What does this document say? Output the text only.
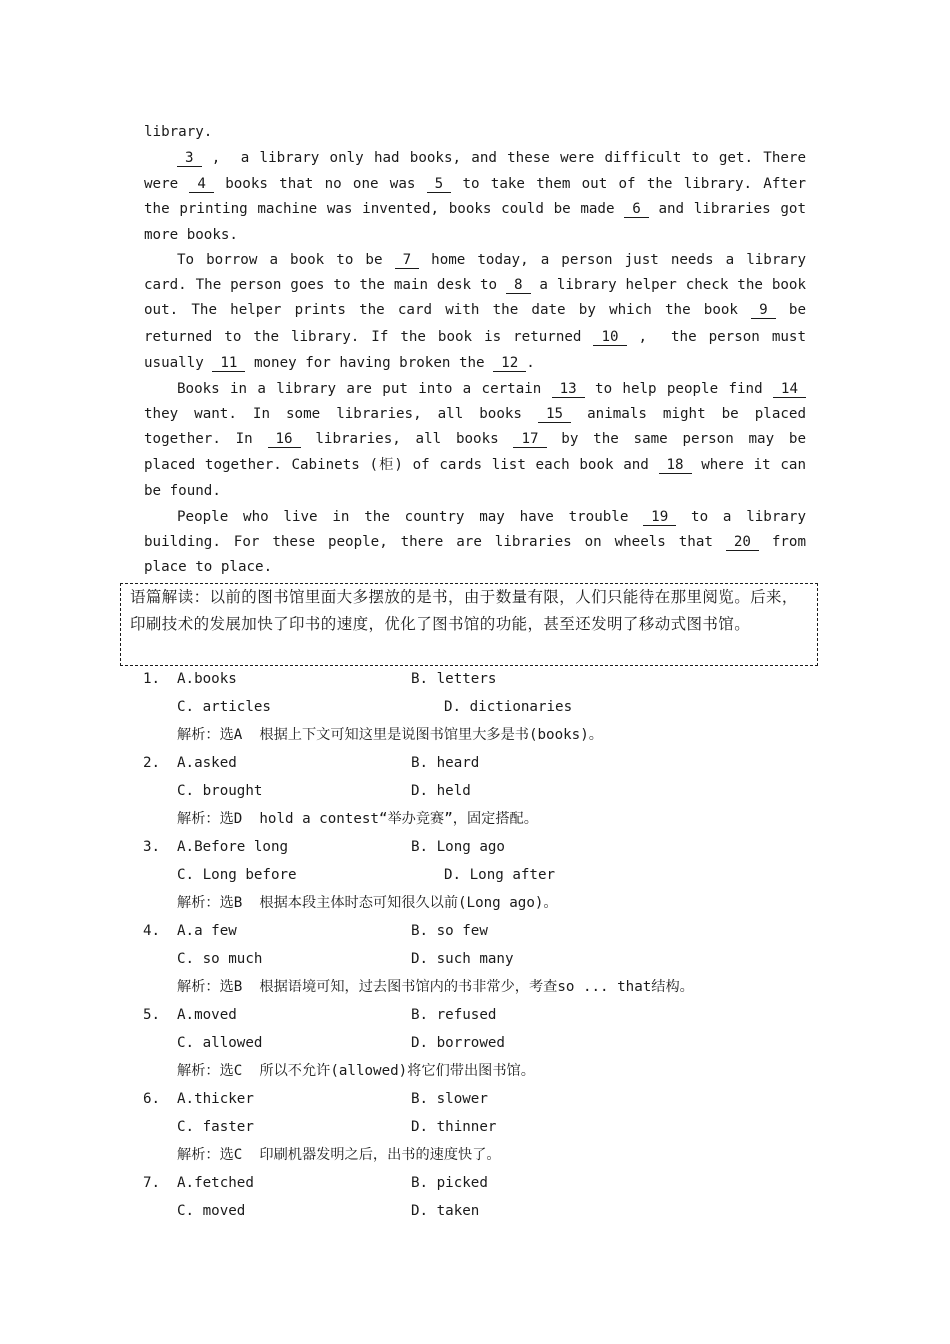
library.
3 ,  a library only had books, and these were difficult to get. There
were 4 books that no one was 5 to take them out of the library. After
the printing machine was invented, books could be made 6 and libraries got
more books.
To borrow a book to be 7 home today, a person just needs a library
card. The person goes to the main desk to 8 a library helper check the book
out. The helper prints the card with the date by which the book 9 be
returned to the library. If the book is returned 10 ,  the person must
usually 11 money for having broken the 12 .
Books in a library are put into a certain 13 to help people find 14
they want. In some libraries, all books 15 animals might be placed
together. In 16 libraries, all books 17 by the same person may be
placed together. Cabinets (柜) of cards list each book and 18 where it can
be found.
People who live in the country may have trouble 19 to a library
building. For these people, there are libraries on wheels that 20 from
place to place.
语篇解读：以前的图书馆里面大多摆放的是书，由于数量有限，人们只能待在那里阅览。后来，印刷技术的发展加快了印书的速度，优化了图书馆的功能，甚至还发明了移动式图书馆。
1. A.books	B. letters
C. articles	D. dictionaries
解析：选A  根据上下文可知这里是说图书馆里大多是书(books)。
2. A.asked	B. heard
C. brought	D. held
解析：选D  hold a contest“举办竞赛”，固定搭配。
3. A.Before long	B. Long ago
C. Long before	D. Long after
解析：选B  根据本段主体时态可知很久以前(Long ago)。
4. A.a few	B. so few
C. so much	D. such many
解析：选B  根据语境可知，过去图书馆内的书非常少，考查so ... that结构。
5. A.moved	B. refused
C. allowed	D. borrowed
解析：选C  所以不允许(allowed)将它们带出图书馆。
6. A.thicker	B. slower
C. faster	D. thinner
解析：选C  印刷机器发明之后，出书的速度快了。
7. A.fetched	B. picked
C. moved	D. taken
